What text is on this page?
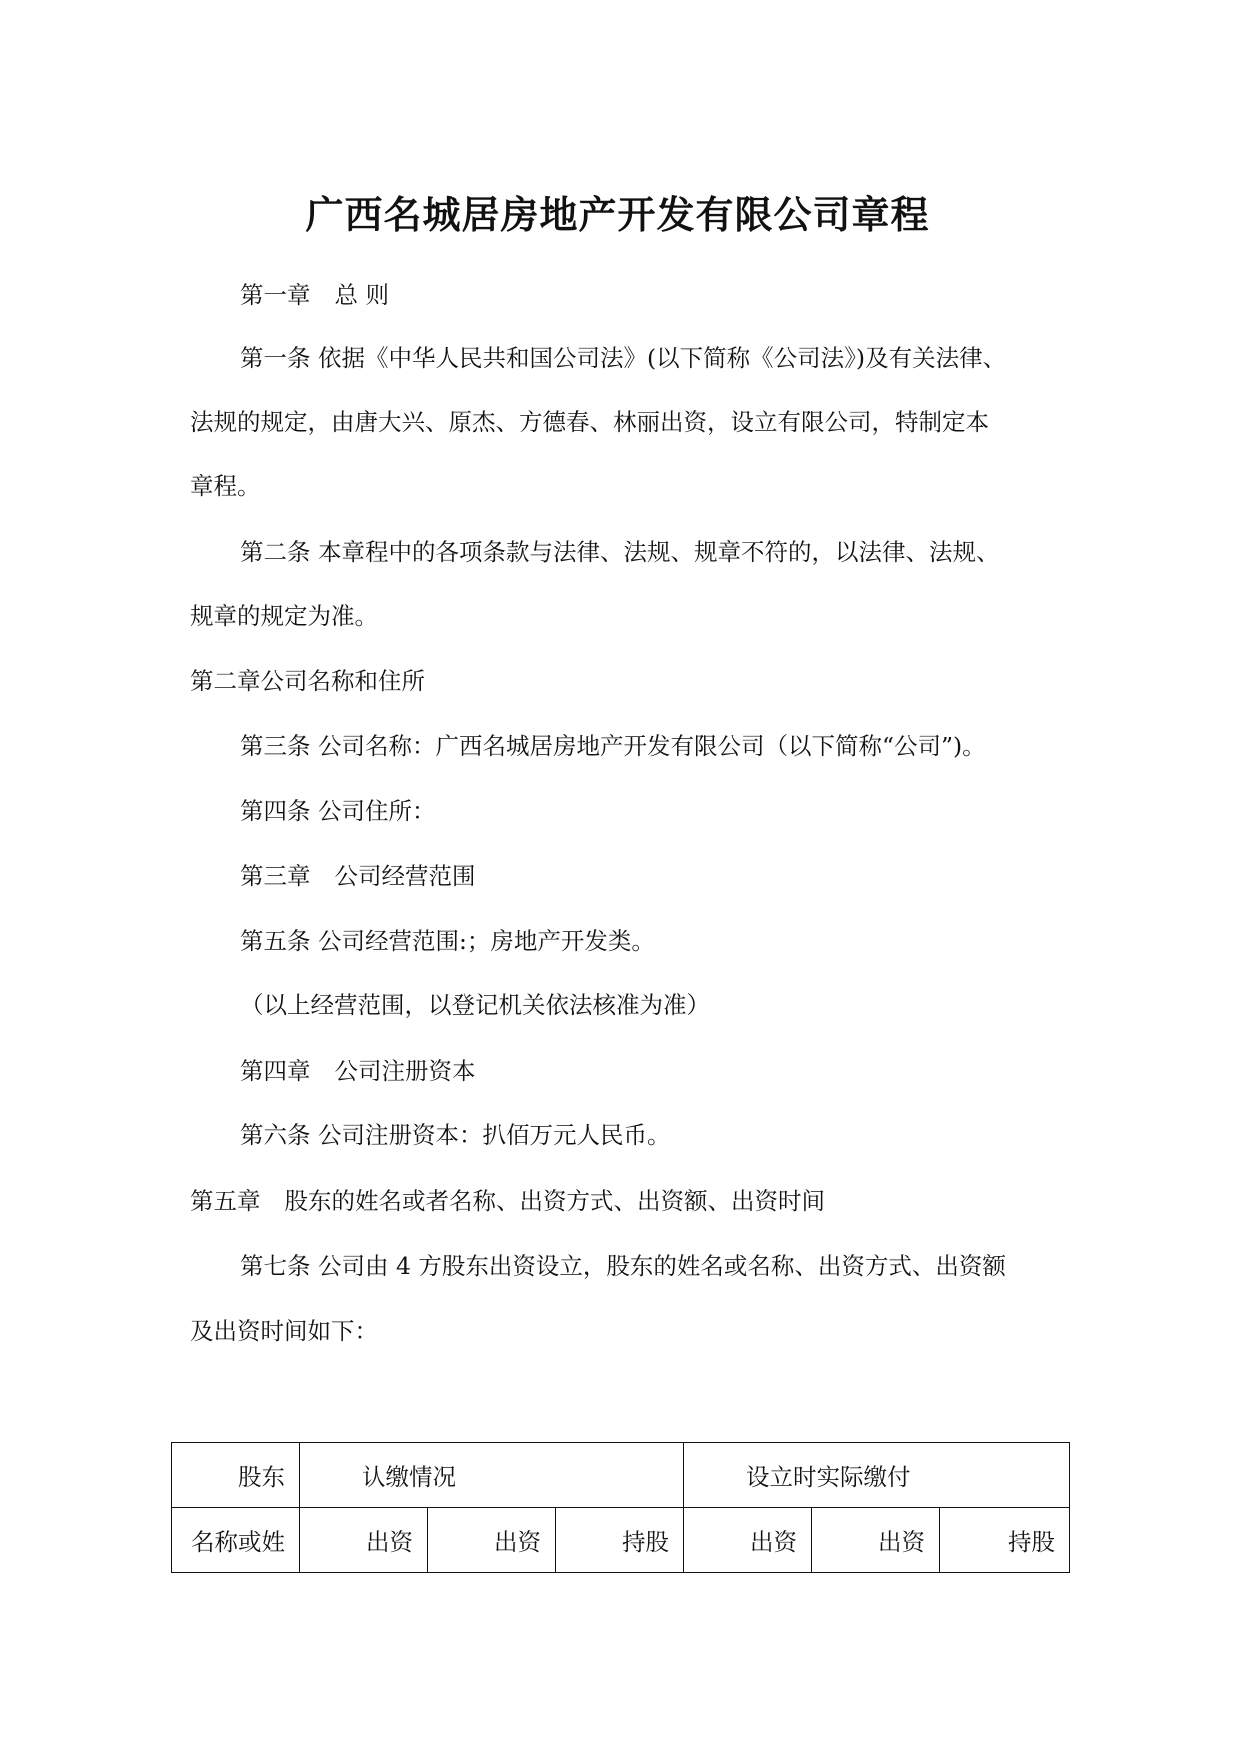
广西名城居房地产开发有限公司章程

第一章 总 则

第一条 依据《中华人民共和国公司法》(以下简称《公司法》)及有关法律、

法规的规定，由唐大兴、原杰、方德春、林丽出资，设立有限公司，特制定本

章程。

第二条 本章程中的各项条款与法律、法规、规章不符的，以法律、法规、

规章的规定为准。

第二章公司名称和住所

第三条 公司名称：广西名城居房地产开发有限公司（以下简称“公司”)。

第四条 公司住所：

第三章 公司经营范围

第五条 公司经营范围:；房地产开发类。

（以上经营范围，以登记机关依法核准为准）

第四章 公司注册资本

第六条 公司注册资本：扒佰万元人民币。

第五章 股东的姓名或者名称、出资方式、出资额、出资时间

第七条 公司由 4 方股东出资设立，股东的姓名或名称、出资方式、出资额

及出资时间如下：

股东	认缴情况			设立时实际缴付		
名称或姓	出资	出资	持股	出资	出资	持股
